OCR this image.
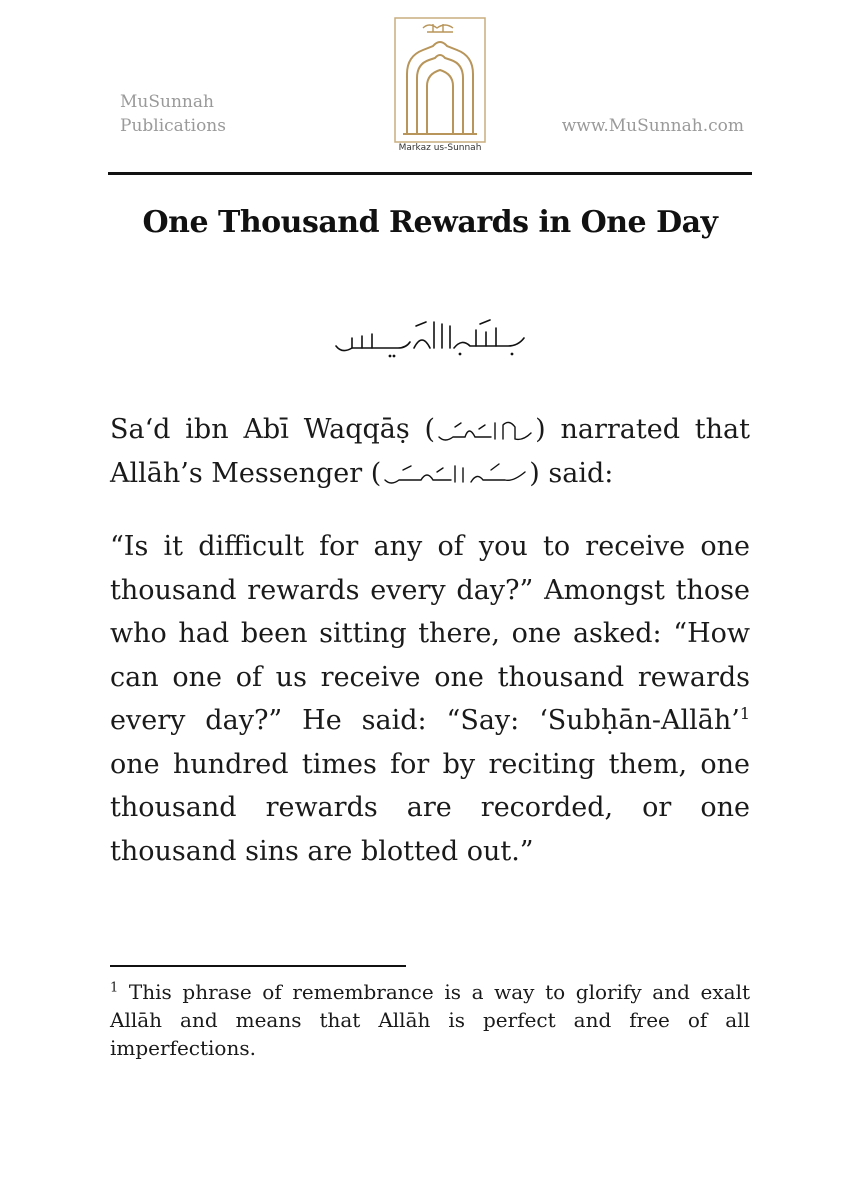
MuSunnah
Publications
Markaz us-Sunnah
www.MuSunnah.com
One Thousand Rewards in One Day
Sa‘d ibn Abī Waqqāṣ (	) narrated that Allāh’s Messenger (	) said:
“Is it difficult for any of you to receive one thousand rewards every day?” Amongst those who had been sitting there, one asked: “How can one of us receive one thousand rewards every day?” He said: “Say: ‘Subḥān-Allāh’$^1$ one hundred times for by reciting them, one thousand rewards are recorded, or one thousand sins are blotted out.”
$^1$ This phrase of remembrance is a way to glorify and exalt Allāh and means that Allāh is perfect and free of all imperfections.
